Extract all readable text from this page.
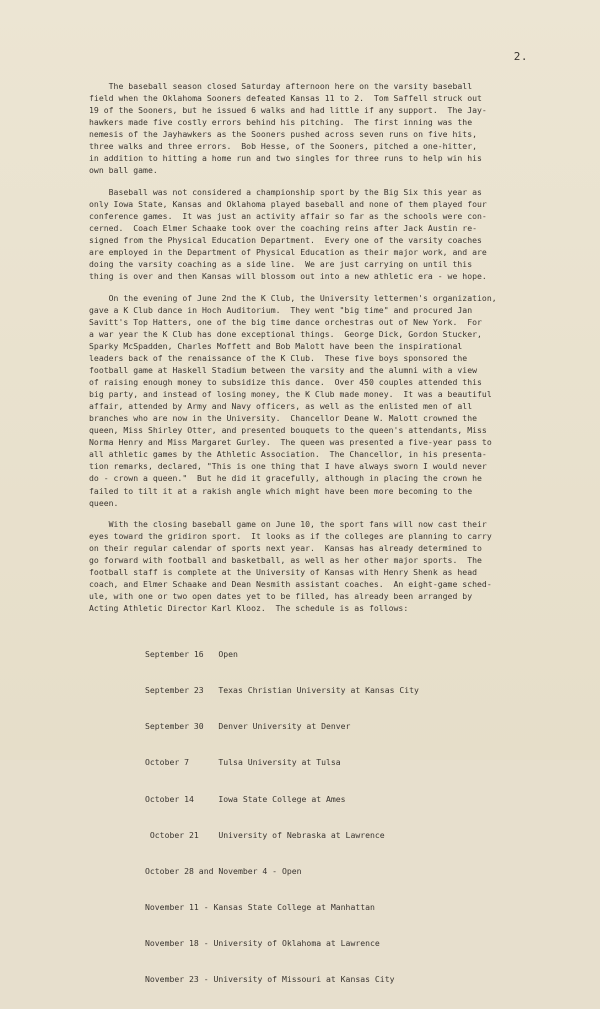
2.

The baseball season closed Saturday afternoon here on the varsity baseball
field when the Oklahoma Sooners defeated Kansas 11 to 2.  Tom Saffell struck out
19 of the Sooners, but he issued 6 walks and had little if any support.  The Jay-
hawkers made five costly errors behind his pitching.  The first inning was the
nemesis of the Jayhawkers as the Sooners pushed across seven runs on five hits,
three walks and three errors.  Bob Hesse, of the Sooners, pitched a one-hitter,
in addition to hitting a home run and two singles for three runs to help win his
own ball game.

Baseball was not considered a championship sport by the Big Six this year as
only Iowa State, Kansas and Oklahoma played baseball and none of them played four
conference games.  It was just an activity affair so far as the schools were con-
cerned.  Coach Elmer Schaake took over the coaching reins after Jack Austin re-
signed from the Physical Education Department.  Every one of the varsity coaches
are employed in the Department of Physical Education as their major work, and are
doing the varsity coaching as a side line.  We are just carrying on until this
thing is over and then Kansas will blossom out into a new athletic era - we hope.

On the evening of June 2nd the K Club, the University lettermen's organization,
gave a K Club dance in Hoch Auditorium.  They went "big time" and procured Jan
Savitt's Top Hatters, one of the big time dance orchestras out of New York.  For
a war year the K Club has done exceptional things.  George Dick, Gordon Stucker,
Sparky McSpadden, Charles Moffett and Bob Malott have been the inspirational
leaders back of the renaissance of the K Club.  These five boys sponsored the
football game at Haskell Stadium between the varsity and the alumni with a view
of raising enough money to subsidize this dance.  Over 450 couples attended this
big party, and instead of losing money, the K Club made money.  It was a beautiful
affair, attended by Army and Navy officers, as well as the enlisted men of all
branches who are now in the University.  Chancellor Deane W. Malott crowned the
queen, Miss Shirley Otter, and presented bouquets to the queen's attendants, Miss
Norma Henry and Miss Margaret Gurley.  The queen was presented a five-year pass to
all athletic games by the Athletic Association.  The Chancellor, in his presenta-
tion remarks, declared, "This is one thing that I have always sworn I would never
do - crown a queen."  But he did it gracefully, although in placing the crown he
failed to tilt it at a rakish angle which might have been more becoming to the
queen.

With the closing baseball game on June 10, the sport fans will now cast their
eyes toward the gridiron sport.  It looks as if the colleges are planning to carry
on their regular calendar of sports next year.  Kansas has already determined to
go forward with football and basketball, as well as her other major sports.  The
football staff is complete at the University of Kansas with Henry Shenk as head
coach, and Elmer Schaake and Dean Nesmith assistant coaches.  An eight-game sched-
ule, with one or two open dates yet to be filled, has already been arranged by
Acting Athletic Director Karl Klooz.  The schedule is as follows:

September 16   Open

September 23   Texas Christian University at Kansas City

September 30   Denver University at Denver

October 7      Tulsa University at Tulsa

October 14     Iowa State College at Ames

October 21    University of Nebraska at Lawrence

October 28 and November 4 - Open

November 11 - Kansas State College at Manhattan

November 18 - University of Oklahoma at Lawrence

November 23 - University of Missouri at Kansas City
